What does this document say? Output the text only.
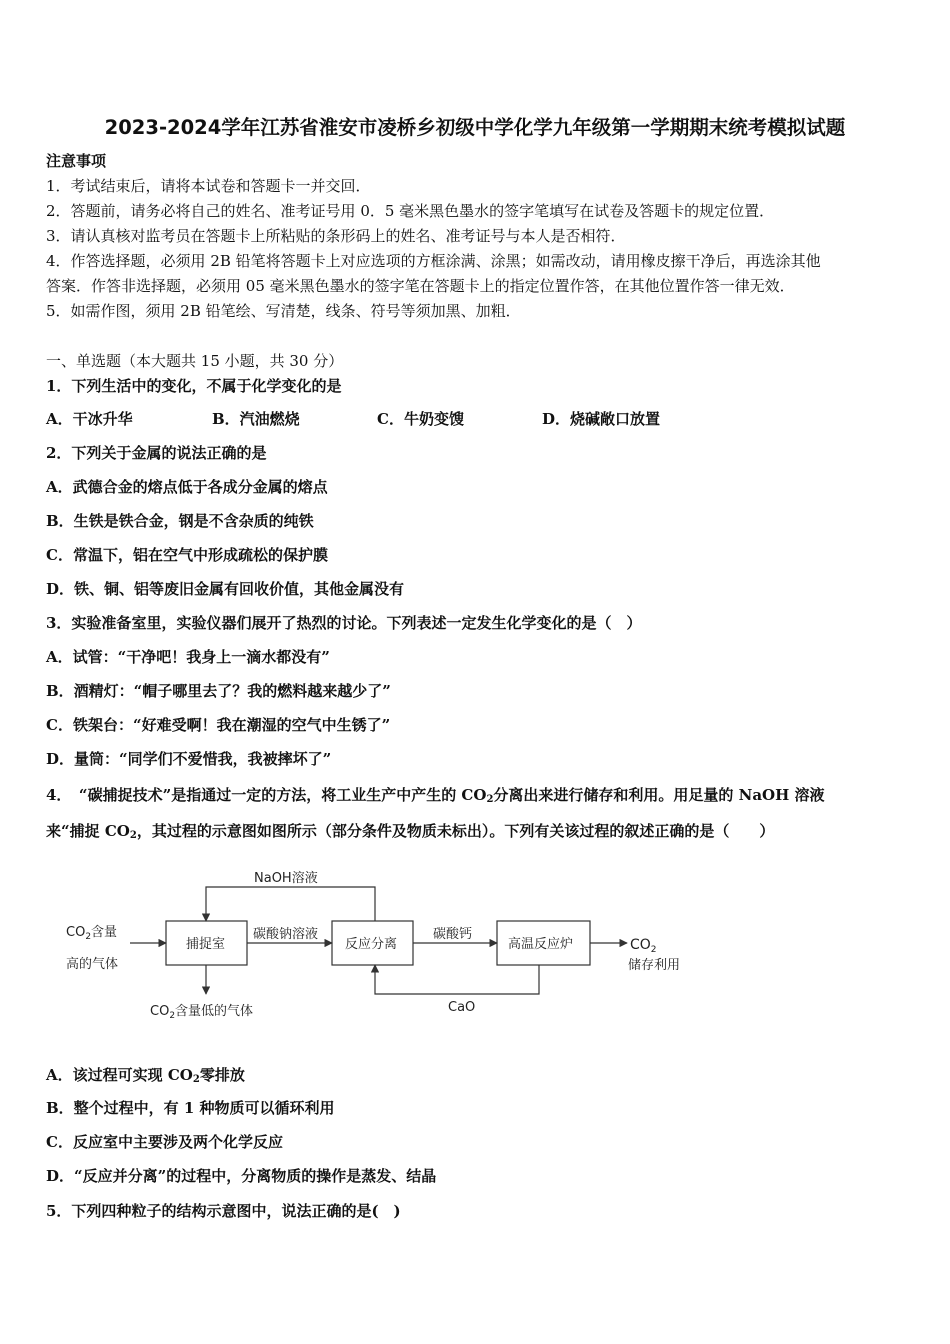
2023-2024学年江苏省淮安市凌桥乡初级中学化学九年级第一学期期末统考模拟试题
注意事项
1．考试结束后，请将本试卷和答题卡一并交回．
2．答题前，请务必将自己的姓名、准考证号用 0．5 毫米黑色墨水的签字笔填写在试卷及答题卡的规定位置．
3．请认真核对监考员在答题卡上所粘贴的条形码上的姓名、准考证号与本人是否相符．
4．作答选择题，必须用 2B 铅笔将答题卡上对应选项的方框涂满、涂黑；如需改动，请用橡皮擦干净后，再选涂其他
答案．作答非选择题，必须用 05 毫米黑色墨水的签字笔在答题卡上的指定位置作答，在其他位置作答一律无效．
5．如需作图，须用 2B 铅笔绘、写清楚，线条、符号等须加黑、加粗．
一、单选题（本大题共 15 小题，共 30 分）
1．下列生活中的变化，不属于化学变化的是
A．干冰升华	B．汽油燃烧	C．牛奶变馊	D．烧碱敞口放置
2．下列关于金属的说法正确的是
A．武德合金的熔点低于各成分金属的熔点
B．生铁是铁合金，钢是不含杂质的纯铁
C．常温下，铝在空气中形成疏松的保护膜
D．铁、铜、铝等废旧金属有回收价值，其他金属没有
3．实验准备室里，实验仪器们展开了热烈的讨论。下列表述一定发生化学变化的是（　）
A．试管：“干净吧！我身上一滴水都没有”
B．酒精灯：“帽子哪里去了？我的燃料越来越少了”
C．铁架台：“好难受啊！我在潮湿的空气中生锈了”
D．量筒：“同学们不爱惜我，我被摔坏了”
4．　“碳捕捉技术”是指通过一定的方法，将工业生产中产生的 $CO_2$分离出来进行储存和利用。用足量的 NaOH 溶液
来“捕捉 $CO_2$，其过程的示意图如图所示（部分条件及物质未标出）。下列有关该过程的叙述正确的是（　　）
NaOH溶液
$CO_2$含量
高的气体
捕捉室
碳酸钠溶液
反应分离
碳酸钙
高温反应炉	$CO_2$
储存利用
$CO_2$含量低的气体	CaO
A．该过程可实现 $CO_2$零排放
B．整个过程中，有 1 种物质可以循环利用
C．反应室中主要涉及两个化学反应
D．“反应并分离”的过程中，分离物质的操作是蒸发、结晶
5．下列四种粒子的结构示意图中，说法正确的是(　)
